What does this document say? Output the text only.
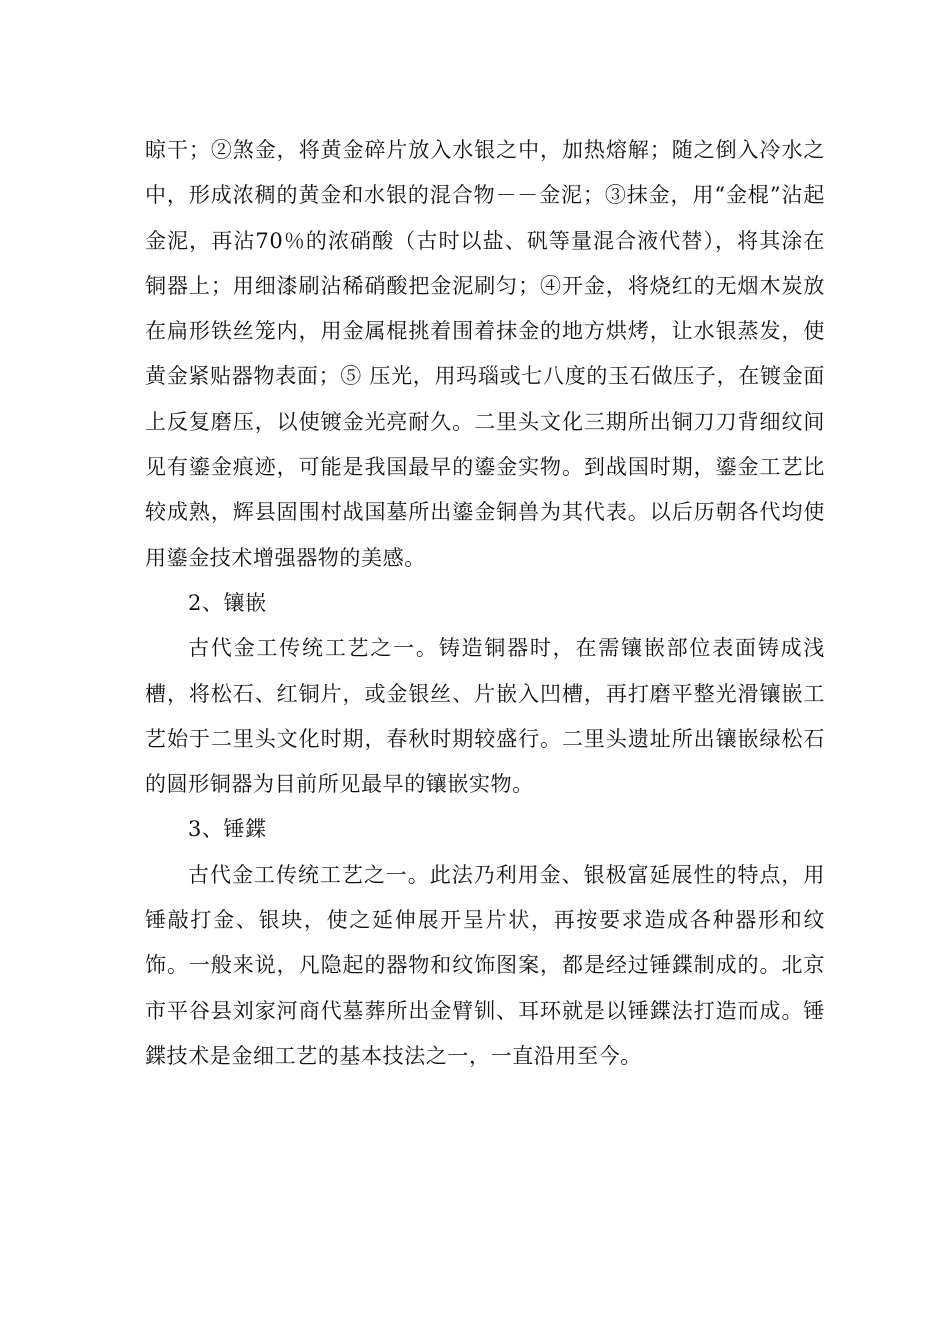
晾干；②煞金，将黄金碎片放入水银之中，加热熔解；随之倒入冷水之中，形成浓稠的黄金和水银的混合物－－金泥；③抹金，用“金棍”沾起金泥，再沾70％的浓硝酸（古时以盐、矾等量混合液代替），将其涂在铜器上；用细漆刷沾稀硝酸把金泥刷匀；④开金，将烧红的无烟木炭放在扁形铁丝笼内，用金属棍挑着围着抹金的地方烘烤，让水银蒸发，使黄金紧贴器物表面；⑤ 压光，用玛瑙或七八度的玉石做压子，在镀金面上反复磨压，以使镀金光亮耐久。二里头文化三期所出铜刀刀背细纹间见有鎏金痕迹，可能是我国最早的鎏金实物。到战国时期，鎏金工艺比较成熟，辉县固围村战国墓所出鎏金铜兽为其代表。以后历朝各代均使用鎏金技术增强器物的美感。

2、镶嵌

古代金工传统工艺之一。铸造铜器时，在需镶嵌部位表面铸成浅槽，将松石、红铜片，或金银丝、片嵌入凹槽，再打磨平整光滑镶嵌工艺始于二里头文化时期，春秋时期较盛行。二里头遗址所出镶嵌绿松石的圆形铜器为目前所见最早的镶嵌实物。

3、锤鍱

古代金工传统工艺之一。此法乃利用金、银极富延展性的特点，用锤敲打金、银块，使之延伸展开呈片状，再按要求造成各种器形和纹饰。一般来说，凡隐起的器物和纹饰图案，都是经过锤鍱制成的。北京市平谷县刘家河商代墓葬所出金臂钏、耳环就是以锤鍱法打造而成。锤鍱技术是金细工艺的基本技法之一，一直沿用至今。
